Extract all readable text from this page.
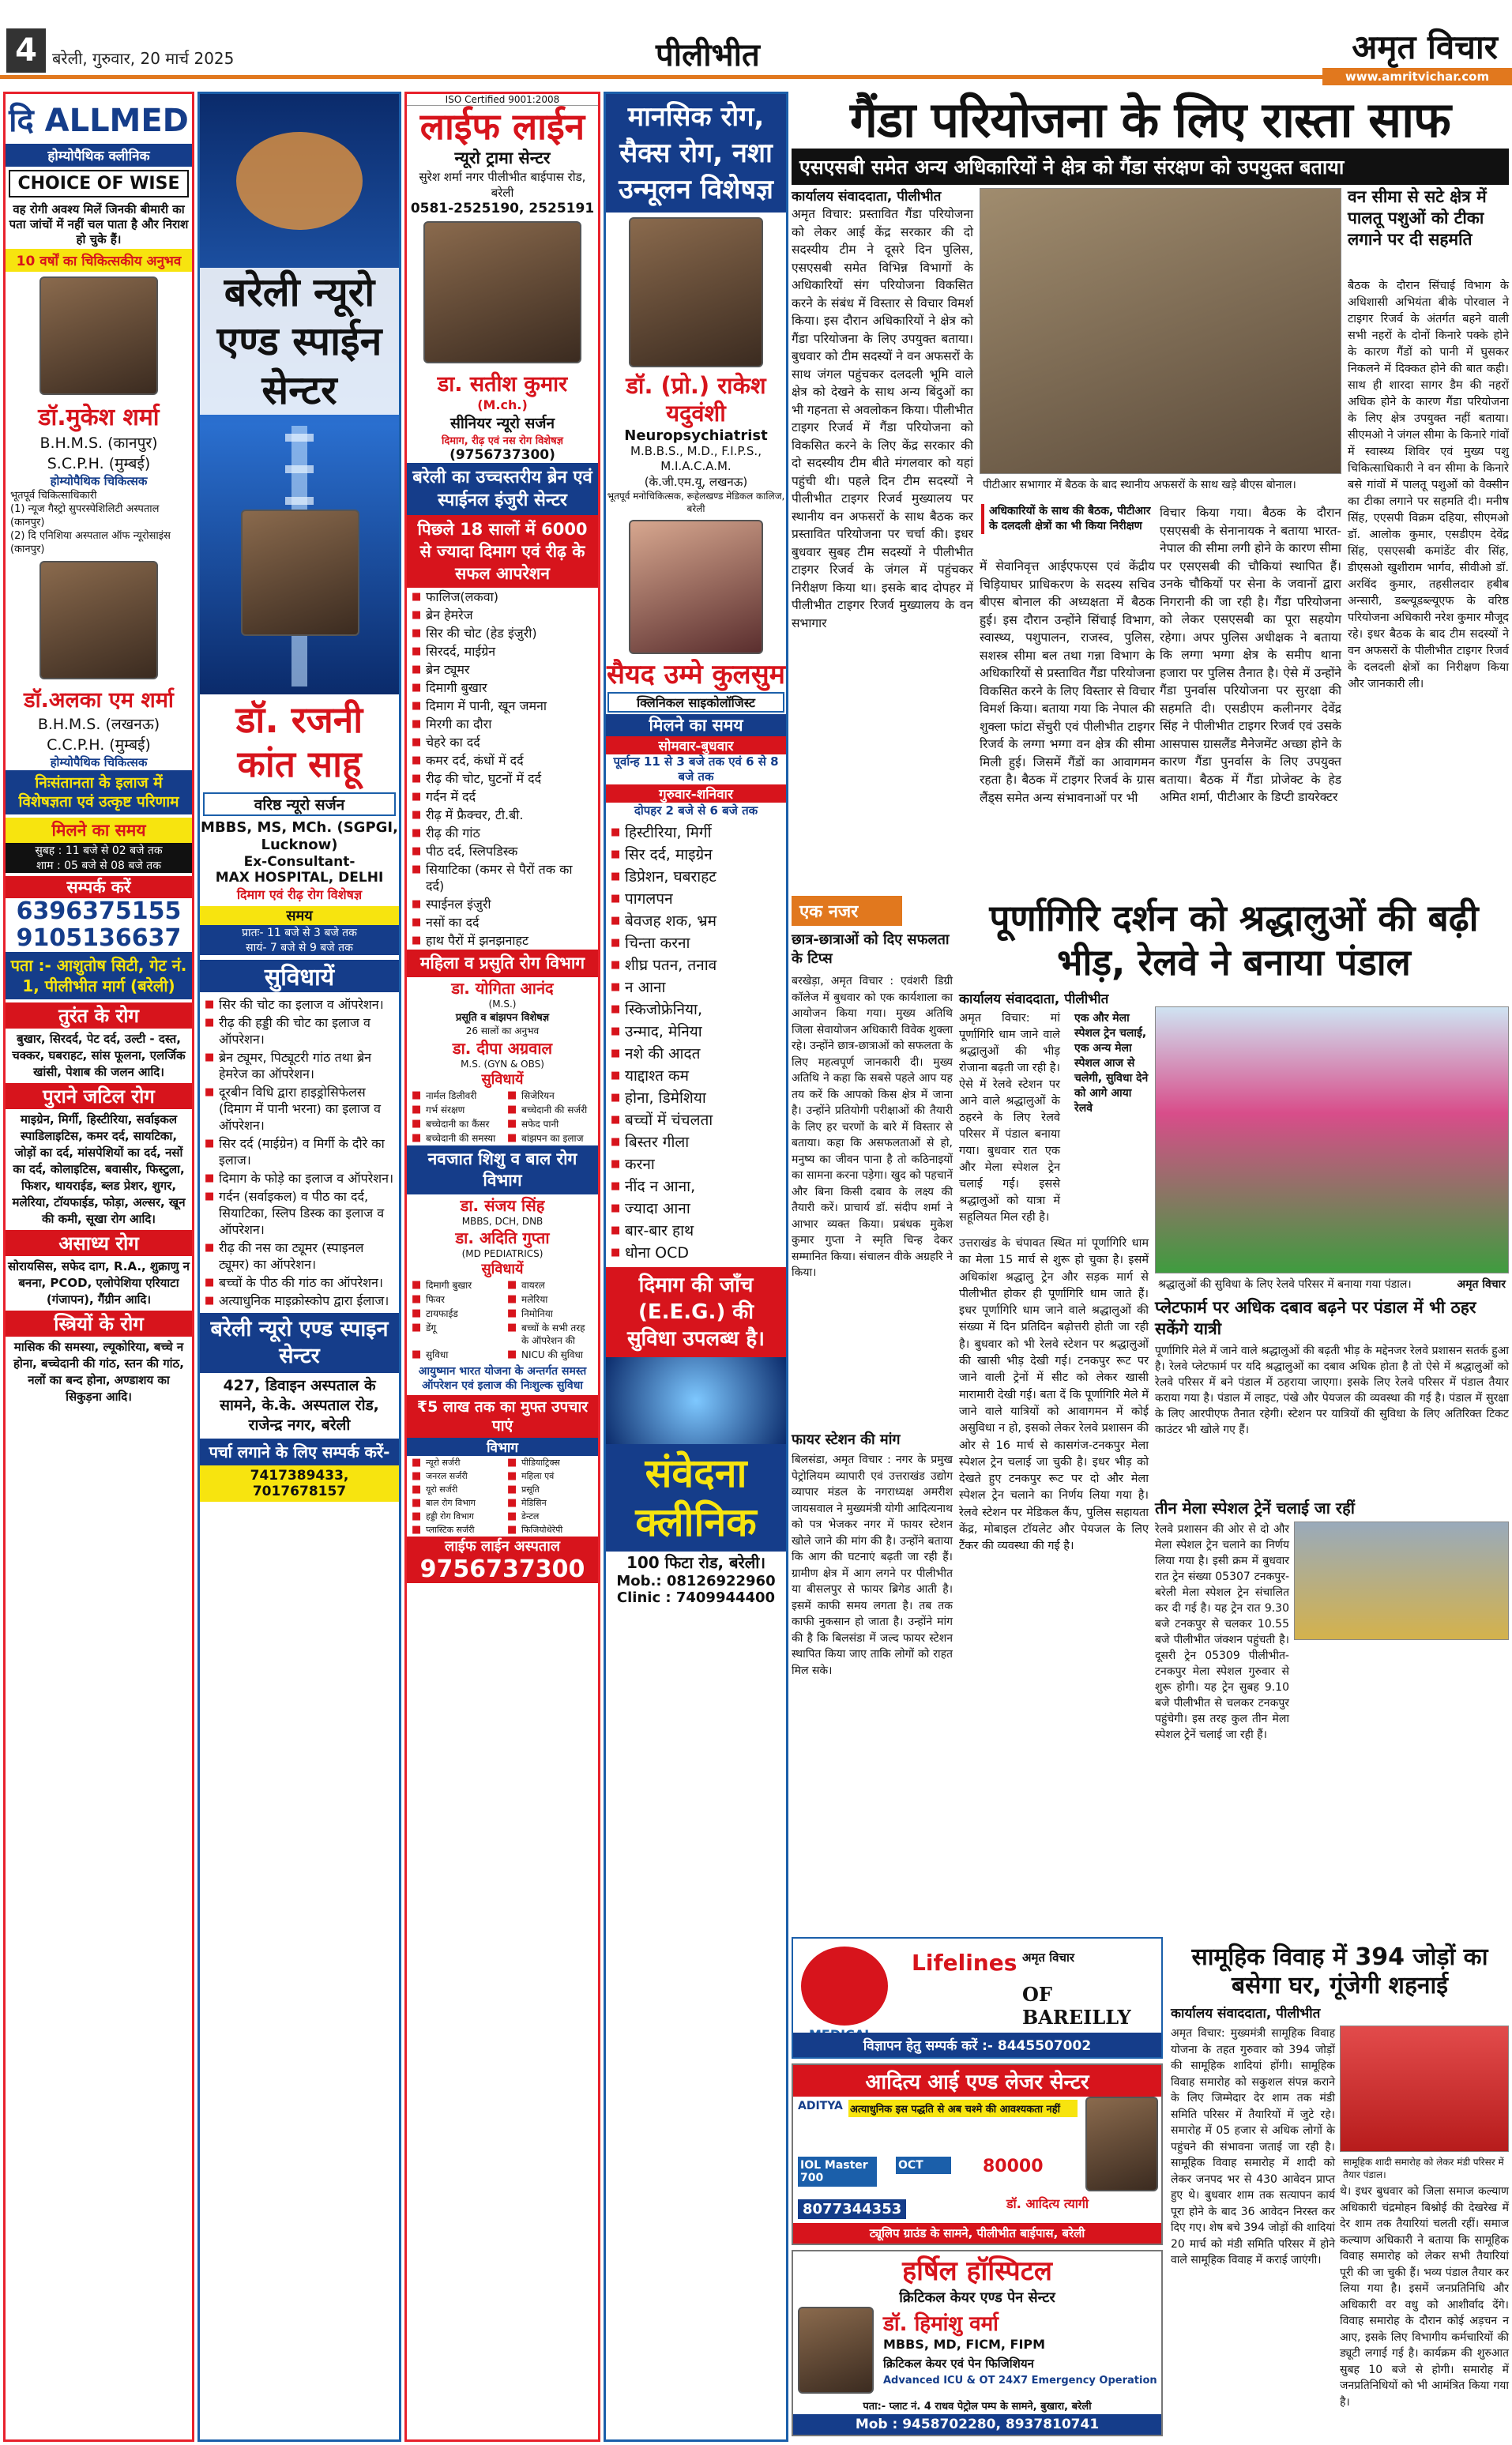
4 बरेली, गुरुवार, 20 मार्च 2025	पीलीभीत	अमृत विचार
www.amritvichar.com
दि ALLMED
होम्योपैथिक क्लीनिक
CHOICE OF WISE
वह रोगी अवश्य मिलें जिनकी बीमारी का पता जांचों में नहीं चल पाता है और निराश हो चुके हैं।
10 वर्षों का चिकित्सकीय अनुभव
डॉ.मुकेश शर्मा
B.H.M.S. (कानपुर)
S.C.P.H. (मुम्बई)
होम्योपैथिक चिकित्सक
भूतपूर्व चिकित्साधिकारी
(1) न्यूज गैस्ट्रो सुपरस्पेशिलिटी अस्पताल (कानपुर)
(2) दि एनिशिया अस्पताल ऑफ न्यूरोसाइंस (कानपुर)
डॉ.अलका एम शर्मा
B.H.M.S. (लखनऊ)
C.C.P.H. (मुम्बई)
होम्योपैथिक चिकित्सक
निःसंतानता के इलाज में विशेषज्ञता एवं उत्कृष्ट परिणाम
मिलने का समय
सुबह : 11 बजे से 02 बजे तक
शाम : 05 बजे से 08 बजे तक
सम्पर्क करें
6396375155
9105136637
पता :- आशुतोष सिटी, गेट नं. 1, पीलीभीत मार्ग (बरेली)
तुरंत के रोग
बुखार, सिरदर्द, पेट दर्द, उल्टी - दस्त, चक्कर, घबराहट, सांस फूलना, एलर्जिक खांसी, पेशाब की जलन आदि।
पुराने जटिल रोग
माइग्रेन, मिर्गी, हिस्टीरिया, सर्वाइकल स्पाडिलाइटिस, कमर दर्द, सायटिका, जोड़ों का दर्द, मांसपेशियों का दर्द, नसों का दर्द, कोलाइटिस, बवासीर, फिस्टुला, फिशर, थायराईड, ब्लड प्रेशर, शुगर, मलेरिया, टॉयफाईड, फोड़ा, अल्सर, खून की कमी, सूखा रोग आदि।
असाध्य रोग
सोरायसिस, सफेद दाग, R.A., शुक्राणु न बनना, PCOD, एलोपेशिया एरियाटा (गंजापन), गैंग्रीन आदि।
स्त्रियों के रोग
मासिक की समस्या, ल्यूकोरिया, बच्चे न होना, बच्चेदानी की गांठ, स्तन की गांठ, नलों का बन्द होना, अण्डाशय का सिकुड़ना आदि।
बरेली न्यूरो एण्ड स्पाईन सेन्टर
डॉ. रजनी कांत साहू
वरिष्ठ न्यूरो सर्जन
MBBS, MS, MCh. (SGPGI, Lucknow)
Ex-Consultant-
MAX HOSPITAL, DELHI
दिमाग एवं रीढ़ रोग विशेषज्ञ
समय
प्रातः- 11 बजे से 3 बजे तक
सायं- 7 बजे से 9 बजे तक
सुविधायें
■ सिर की चोट का इलाज व ऑपरेशन।
■ रीढ़ की हड्डी की चोट का इलाज व ऑपरेशन।
■ ब्रेन ट्यूमर, पिट्यूटरी गांठ तथा ब्रेन हेमरेज का ऑपरेशन।
■ दूरबीन विधि द्वारा हाइड्रोसिफेलस (दिमाग में पानी भरना) का इलाज व ऑपरेशन।
■ सिर दर्द (माईग्रेन) व मिर्गी के दौरे का इलाज।
■ दिमाग के फोड़े का इलाज व ऑपरेशन।
■ गर्दन (सर्वाइकल) व पीठ का दर्द, सियाटिका, स्लिप डिस्क का इलाज व ऑपरेशन।
■ रीढ़ की नस का ट्यूमर (स्पाइनल ट्यूमर) का ऑपरेशन।
■ बच्चों के पीठ की गांठ का ऑपरेशन।
■ अत्याधुनिक माइक्रोस्कोप द्वारा ईलाज।
बरेली न्यूरो एण्ड स्पाइन सेन्टर
427, डिवाइन अस्पताल के सामने, के.के. अस्पताल रोड, राजेन्द्र नगर, बरेली
पर्चा लगाने के लिए सम्पर्क करें-
7417389433, 7017678157
ISO Certified 9001:2008
लाईफ लाईन
न्यूरो ट्रामा सेन्टर
सुरेश शर्मा नगर पीलीभीत बाईपास रोड, बरेली
0581-2525190, 2525191
डा. सतीश कुमार
(M.ch.)
सीनियर न्यूरो सर्जन
दिमाग, रीढ़ एवं नस रोग विशेषज्ञ
(9756737300)
बरेली का उच्चस्तरीय ब्रेन एवं स्पाईनल इंजुरी सेन्टर
पिछले 18 सालों में 6000 से ज्यादा दिमाग एवं रीढ़ के सफल आपरेशन
■ फालिज(लकवा)
■ ब्रेन हेमरेज
■ सिर की चोट (हेड इंजुरी)
■ सिरदर्द, माईग्रेन
■ ब्रेन ट्यूमर
■ दिमागी बुखार
■ दिमाग में पानी, खून जमना
■ मिरगी का दौरा
■ चेहरे का दर्द
■ कमर दर्द, कंधों में दर्द
■ रीढ़ की चोट, घुटनों में दर्द
■ गर्दन में दर्द
■ रीढ़ में फ्रैक्चर, टी.बी.
■ रीढ़ की गांठ
■ पीठ दर्द, स्लिपडिस्क
■ सियाटिका (कमर से पैरों तक का दर्द)
■ स्पाईनल इंजुरी
■ नसों का दर्द
■ हाथ पैरों में झनझनाहट
महिला व प्रसुति रोग विभाग
डा. योगिता आनंद
(M.S.)
प्रसूति व बांझपन विशेषज्ञ
26 सालों का अनुभव
डा. दीपा अग्रवाल
M.S. (GYN & OBS)
सुविधायें
■ नार्मल डिलीवरी	■ सिजेरियन
■ गर्भ संरक्षण	■ बच्चेदानी की सर्जरी
■ बच्चेदानी का कैंसर	■ सफेद पानी
■ बच्चेदानी की समस्या	■ बांझपन का इलाज
नवजात शिशु व बाल रोग विभाग
डा. संजय सिंह
MBBS, DCH, DNB
डा. अदिति गुप्ता
(MD PEDIATRICS)
सुविधायें
■ दिमागी बुखार	■ वायरल
■ फिवर	■ मलेरिया
■ टायफाईड	■ निमोनिया
■ डेंगू	■ बच्चों के सभी तरह के ऑपरेशन की
■ सुविधा	■ NICU की सुविधा
आयुष्मान भारत योजना के अन्तर्गत समस्त ऑपरेशन एवं इलाज की निःशुल्क सुविधा
₹5 लाख तक का मुफ्त उपचार पाएं
विभाग
■ न्यूरो सर्जरी	■ पीडियाट्रिक्स
■ जनरल सर्जरी	■ महिला एवं
■ यूरो सर्जरी	■ प्रसूति
■ बाल रोग विभाग	■ मेडिसिन
■ हड्डी रोग विभाग	■ डेन्टल
■ प्लास्टिक सर्जरी	■ फिजियोथेरेपी
लाईफ लाईन अस्पताल
9756737300
मानसिक रोग, सैक्स रोग, नशा उन्मूलन विशेषज्ञ
डॉ. (प्रो.) राकेश यदुवंशी
Neuropsychiatrist
M.B.B.S., M.D., F.I.P.S., M.I.A.C.A.M.
(के.जी.एम.यू, लखनऊ)
भूतपूर्व मनोचिकित्सक, रूहेलखण्ड मेडिकल कालिज, बरेली
सैयद उम्मे कुलसुम
क्लिनिकल साइकोलॉजिस्ट
मिलने का समय
सोमवार-बुधवार
पूर्वान्ह 11 से 3 बजे तक एवं 6 से 8 बजे तक
गुरुवार-शनिवार
दोपहर 2 बजे से 6 बजे तक
■ हिस्टीरिया, मिर्गी
■ सिर दर्द, माइग्रेन
■ डिप्रेशन, घबराहट
■ पागलपन
■ बेवजह शक, भ्रम
■ चिन्ता करना
■ शीघ्र पतन, तनाव
■ न आना
■ स्किजोफ्रेनिया,
■ उन्माद, मेनिया
■ नशे की आदत
■ याद्दाश्त कम
■ होना, डिमेशिया
■ बच्चों में चंचलता
■ बिस्तर गीला
■ करना
■ नींद न आना,
■ ज्यादा आना
■ बार-बार हाथ
■ धोना OCD
दिमाग की जाँच (E.E.G.) की सुविधा उपलब्ध है।
संवेदना क्लीनिक
100 फिटा रोड, बरेली।
Mob.: 08126922960
Clinic : 7409944400
गैंडा परियोजना के लिए रास्ता साफ
एसएसबी समेत अन्य अधिकारियों ने क्षेत्र को गैंडा संरक्षण को उपयुक्त बताया
कार्यालय संवाददाता, पीलीभीत
अमृत विचार: प्रस्तावित गैंडा परियोजना को लेकर आई केंद्र सरकार की दो सदस्यीय टीम ने दूसरे दिन पुलिस, एसएसबी समेत विभिन्न विभागों के अधिकारियों संग परियोजना विकसित करने के संबंध में विस्तार से विचार विमर्श किया। इस दौरान अधिकारियों ने क्षेत्र को गैंडा परियोजना के लिए उपयुक्त बताया। बुधवार को टीम सदस्यों ने वन अफसरों के साथ जंगल पहुंचकर दलदली भूमि वाले क्षेत्र को देखने के साथ अन्य बिंदुओं का भी गहनता से अवलोकन किया। पीलीभीत टाइगर रिजर्व में गैंडा परियोजना को विकसित करने के लिए केंद्र सरकार की दो सदस्यीय टीम बीते मंगलवार को यहां पहुंची थी। पहले दिन टीम सदस्यों ने पीलीभीत टाइगर रिजर्व मुख्यालय पर स्थानीय वन अफसरों के साथ बैठक कर प्रस्तावित परियोजना पर चर्चा की। इधर बुधवार सुबह टीम सदस्यों ने पीलीभीत टाइगर रिजर्व के जंगल में पहुंचकर निरीक्षण किया था। इसके बाद दोपहर में पीलीभीत टाइगर रिजर्व मुख्यालय के वन सभागार
पीटीआर सभागार में बैठक के बाद स्थानीय अफसरों के साथ खड़े बीएस बोनाल।
अधिकारियों के साथ की बैठक, पीटीआर के दलदली क्षेत्रों का भी किया निरीक्षण
में सेवानिवृत्त आईएफएस एवं केंद्रीय चिड़ियाघर प्राधिकरण के सदस्य सचिव बीएस बोनाल की अध्यक्षता में बैठक हुई। इस दौरान उन्होंने सिंचाई विभाग, स्वास्थ्य, पशुपालन, राजस्व, पुलिस, सशस्त्र सीमा बल तथा गन्ना विभाग के अधिकारियों से प्रस्तावित गैंडा परियोजना विकसित करने के लिए विस्तार से विचार विमर्श किया। बताया गया कि नेपाल की शुक्ला फांटा सेंचुरी एवं पीलीभीत टाइगर रिजर्व के लग्गा भग्गा वन क्षेत्र की सीमा मिली हुई। जिसमें गैंडों का आवागमन रहता है। बैठक में टाइगर रिजर्व के ग्रास लैंड्स समेत अन्य संभावनाओं पर भी
विचार किया गया। बैठक के दौरान एसएसबी के सेनानायक ने बताया भारत-नेपाल की सीमा लगी होने के कारण सीमा पर एसएसबी की चौकियां स्थापित हैं। उनके चौकियों पर सेना के जवानों द्वारा निगरानी की जा रही है। गैंडा परियोजना को लेकर एसएसबी का पूरा सहयोग रहेगा। अपर पुलिस अधीक्षक ने बताया कि लग्गा भग्गा क्षेत्र के समीप थाना हजारा पर पुलिस तैनात है। ऐसे में उन्होंने गैंडा पुनर्वास परियोजना पर सुरक्षा की सहमति दी। एसडीएम कलीनगर देवेंद्र सिंह ने पीलीभीत टाइगर रिजर्व एवं उसके आसपास ग्रासलैंड मैनेजमेंट अच्छा होने के कारण गैंडा पुनर्वास के लिए उपयुक्त बताया। बैठक में गैंडा प्रोजेक्ट के हेड अमित शर्मा, पीटीआर के डिप्टी डायरेक्टर
वन सीमा से सटे क्षेत्र में पालतू पशुओं को टीका लगाने पर दी सहमति
बैठक के दौरान सिंचाई विभाग के अधिशासी अभियंता बीके पोरवाल ने टाइगर रिजर्व के अंतर्गत बहने वाली सभी नहरों के दोनों किनारे पक्के होने के कारण गैंडों को पानी में घुसकर निकलने में दिक्कत होने की बात कही। साथ ही शारदा सागर डैम की नहरों अधिक होने के कारण गैंडा परियोजना के लिए क्षेत्र उपयुक्त नहीं बताया। सीएमओ ने जंगल सीमा के किनारे गांवों में स्वास्थ्य शिविर एवं मुख्य पशु चिकित्साधिकारी ने वन सीमा के किनारे बसे गांवों में पालतू पशुओं को वैक्सीन का टीका लगाने पर सहमति दी। मनीष सिंह, एएसपी विक्रम दहिया, सीएमओ डॉ. आलोक कुमार, एसडीएम देवेंद्र सिंह, एसएसबी कमांडेंट वीर सिंह, डीएसओ खुशीराम भार्गव, सीवीओ डॉ. अरविंद कुमार, तहसीलदार हबीब अन्सारी, डब्ल्यूडब्ल्यूएफ के वरिष्ठ परियोजना अधिकारी नरेश कुमार मौजूद रहे। इधर बैठक के बाद टीम सदस्यों ने वन अफसरों के पीलीभीत टाइगर रिजर्व के दलदली क्षेत्रों का निरीक्षण किया और जानकारी ली।
एक नजर
छात्र-छात्राओं को दिए सफलता के टिप्स
बरखेड़ा, अमृत विचार : एवंशरी डिग्री कॉलेज में बुधवार को एक कार्यशाला का आयोजन किया गया। मुख्य अतिथि जिला सेवायोजन अधिकारी विवेक शुक्ला रहे। उन्होंने छात्र-छात्राओं को सफलता के लिए महत्वपूर्ण जानकारी दी। मुख्य अतिथि ने कहा कि सबसे पहले आप यह तय करें कि आपको किस क्षेत्र में जाना है। उन्होंने प्रतियोगी परीक्षाओं की तैयारी के लिए हर चरणों के बारे में विस्तार से बताया। कहा कि असफलताओं से हो, मनुष्य का जीवन पाना है तो कठिनाइयों का सामना करना पड़ेगा। खुद को पहचानें और बिना किसी दबाव के लक्ष्य की तैयारी करें। प्राचार्य डॉ. संदीप शर्मा ने आभार व्यक्त किया। प्रबंधक मुकेश कुमार गुप्ता ने स्मृति चिन्ह देकर सम्मानित किया। संचालन वीके अग्रहरि ने किया।
फायर स्टेशन की मांग
बिलसंडा, अमृत विचार : नगर के प्रमुख पेट्रोलियम व्यापारी एवं उत्तराखंड उद्योग व्यापार मंडल के नगराध्यक्ष अमरीश जायसवाल ने मुख्यमंत्री योगी आदित्यनाथ को पत्र भेजकर नगर में फायर स्टेशन खोले जाने की मांग की है। उन्होंने बताया कि आग की घटनाएं बढ़ती जा रही हैं। ग्रामीण क्षेत्र में आग लगने पर पीलीभीत या बीसलपुर से फायर ब्रिगेड आती है। इसमें काफी समय लगता है। तब तक काफी नुकसान हो जाता है। उन्होंने मांग की है कि बिलसंडा में जल्द फायर स्टेशन स्थापित किया जाए ताकि लोगों को राहत मिल सके।
पूर्णागिरि दर्शन को श्रद्धालुओं की बढ़ी भीड़, रेलवे ने बनाया पंडाल
कार्यालय संवाददाता, पीलीभीत
अमृत विचार: मां पूर्णागिरि धाम जाने वाले श्रद्धालुओं की भीड़ रोजाना बढ़ती जा रही है। ऐसे में रेलवे स्टेशन पर आने वाले श्रद्धालुओं के ठहरने के लिए रेलवे परिसर में पंडाल बनाया गया। बुधवार रात एक और मेला स्पेशल ट्रेन चलाई गई। इससे श्रद्धालुओं को यात्रा में सहूलियत मिल रही है।
एक और मेला स्पेशल ट्रेन चलाई, एक अन्य मेला स्पेशल आज से चलेगी, सुविधा देने को आगे आया रेलवे
श्रद्धालुओं की सुविधा के लिए रेलवे परिसर में बनाया गया पंडाल।	अमृत विचार
उत्तराखंड के चंपावत स्थित मां पूर्णागिरि धाम का मेला 15 मार्च से शुरू हो चुका है। इसमें अधिकांश श्रद्धालु ट्रेन और सड़क मार्ग से पीलीभीत होकर ही पूर्णागिरि धाम जाते हैं। इधर पूर्णागिरि धाम जाने वाले श्रद्धालुओं की संख्या में दिन प्रतिदिन बढ़ोत्तरी होती जा रही है। बुधवार को भी रेलवे स्टेशन पर श्रद्धालुओं की खासी भीड़ देखी गई। टनकपुर रूट पर जाने वाली ट्रेनों में सीट को लेकर खासी मारामारी देखी गई। बता दें कि पूर्णागिरि मेले में जाने वाले यात्रियों को आवागमन में कोई असुविधा न हो, इसको लेकर रेलवे प्रशासन की ओर से 16 मार्च से कासगंज-टनकपुर मेला स्पेशल ट्रेन चलाई जा चुकी है। इधर भीड़ को देखते हुए टनकपुर रूट पर दो और मेला स्पेशल ट्रेन चलाने का निर्णय लिया गया है। रेलवे स्टेशन पर मेडिकल कैंप, पुलिस सहायता केंद्र, मोबाइल टॉयलेट और पेयजल के लिए टैंकर की व्यवस्था की गई है।
प्लेटफार्म पर अधिक दबाव बढ़ने पर पंडाल में भी ठहर सकेंगे यात्री
पूर्णागिरि मेले में जाने वाले श्रद्धालुओं की बढ़ती भीड़ के मद्देनजर रेलवे प्रशासन सतर्क हुआ है। रेलवे प्लेटफार्म पर यदि श्रद्धालुओं का दबाव अधिक होता है तो ऐसे में श्रद्धालुओं को रेलवे परिसर में बने पंडाल में ठहराया जाएगा। इसके लिए रेलवे परिसर में पंडाल तैयार कराया गया है। पंडाल में लाइट, पंखे और पेयजल की व्यवस्था की गई है। पंडाल में सुरक्षा के लिए आरपीएफ तैनात रहेगी। स्टेशन पर यात्रियों की सुविधा के लिए अतिरिक्त टिकट काउंटर भी खोले गए हैं।
तीन मेला स्पेशल ट्रेनें चलाई जा रहीं
रेलवे प्रशासन की ओर से दो और मेला स्पेशल ट्रेन चलाने का निर्णय लिया गया है। इसी क्रम में बुधवार रात ट्रेन संख्या 05307 टनकपुर-बरेली मेला स्पेशल ट्रेन संचालित कर दी गई है। यह ट्रेन रात 9.30 बजे टनकपुर से चलकर 10.55 बजे पीलीभीत जंक्शन पहुंचती है। दूसरी ट्रेन 05309 पीलीभीत-टनकपुर मेला स्पेशल गुरुवार से शुरू होगी। यह ट्रेन सुबह 9.10 बजे पीलीभीत से चलकर टनकपुर पहुंचेगी। इस तरह कुल तीन मेला स्पेशल ट्रेनें चलाई जा रही हैं।
सामूहिक विवाह में 394 जोड़ों का बसेगा घर, गूंजेगी शहनाई
कार्यालय संवाददाता, पीलीभीत
अमृत विचार: मुख्यमंत्री सामूहिक विवाह योजना के तहत गुरुवार को 394 जोड़ों की सामूहिक शादियां होंगी। सामूहिक विवाह समारोह को सकुशल संपन्न कराने के लिए जिम्मेदार देर शाम तक मंडी समिति परिसर में तैयारियों में जुटे रहे। समारोह में 05 हजार से अधिक लोगों के पहुंचने की संभावना जताई जा रही है। सामूहिक विवाह समारोह में शादी को लेकर जनपद भर से 430 आवेदन प्राप्त हुए थे। बुधवार शाम तक सत्यापन कार्य पूरा होने के बाद 36 आवेदन निरस्त कर दिए गए। शेष बचे 394 जोड़ों की शादियां 20 मार्च को मंडी समिति परिसर में होने वाले सामूहिक विवाह में कराई जाएंगी।
सामूहिक शादी समारोह को लेकर मंडी परिसर में तैयार पंडाल।
थे। इधर बुधवार को जिला समाज कल्याण अधिकारी चंद्रमोहन बिश्नोई की देखरेख में देर शाम तक तैयारियां चलती रहीं। समाज कल्याण अधिकारी ने बताया कि सामूहिक विवाह समारोह को लेकर सभी तैयारियां पूरी की जा चुकी हैं। भव्य पंडाल तैयार कर लिया गया है। इसमें जनप्रतिनिधि और अधिकारी वर वधु को आशीर्वाद देंगे। विवाह समारोह के दौरान कोई अड़चन न आए, इसके लिए विभागीय कर्मचारियों की ड्यूटी लगाई गई है। कार्यक्रम की शुरुआत सुबह 10 बजे से होगी। समारोह में जनप्रतिनिधियों को भी आमंत्रित किया गया है।
Lifelines अमृत विचार
OF BAREILLY
विज्ञापन हेतु सम्पर्क करें :- 8445507002
आदित्य आई एण्ड लेजर सेन्टर
ADITYA अत्याधुनिक इस पद्धति से अब चश्मे की आवश्यकता नहीं
IOL Master 700
OCT	80000
8077344353	डॉ. आदित्य त्यागी
ट्यूलिप ग्राउंड के सामने, पीलीभीत बाईपास, बरेली
हर्षिल हॉस्पिटल
क्रिटिकल केयर एण्ड पेन सेन्टर
डॉ. हिमांशु वर्मा
MBBS, MD, FICM, FIPM
क्रिटिकल केयर एवं पेन फिजिशियन
Advanced ICU & OT 24X7 Emergency Operation
पता:- प्लाट नं. 4 राधव पेट्रोल पम्प के सामने, बुखारा, बरेली
Mob : 9458702280, 8937810741
